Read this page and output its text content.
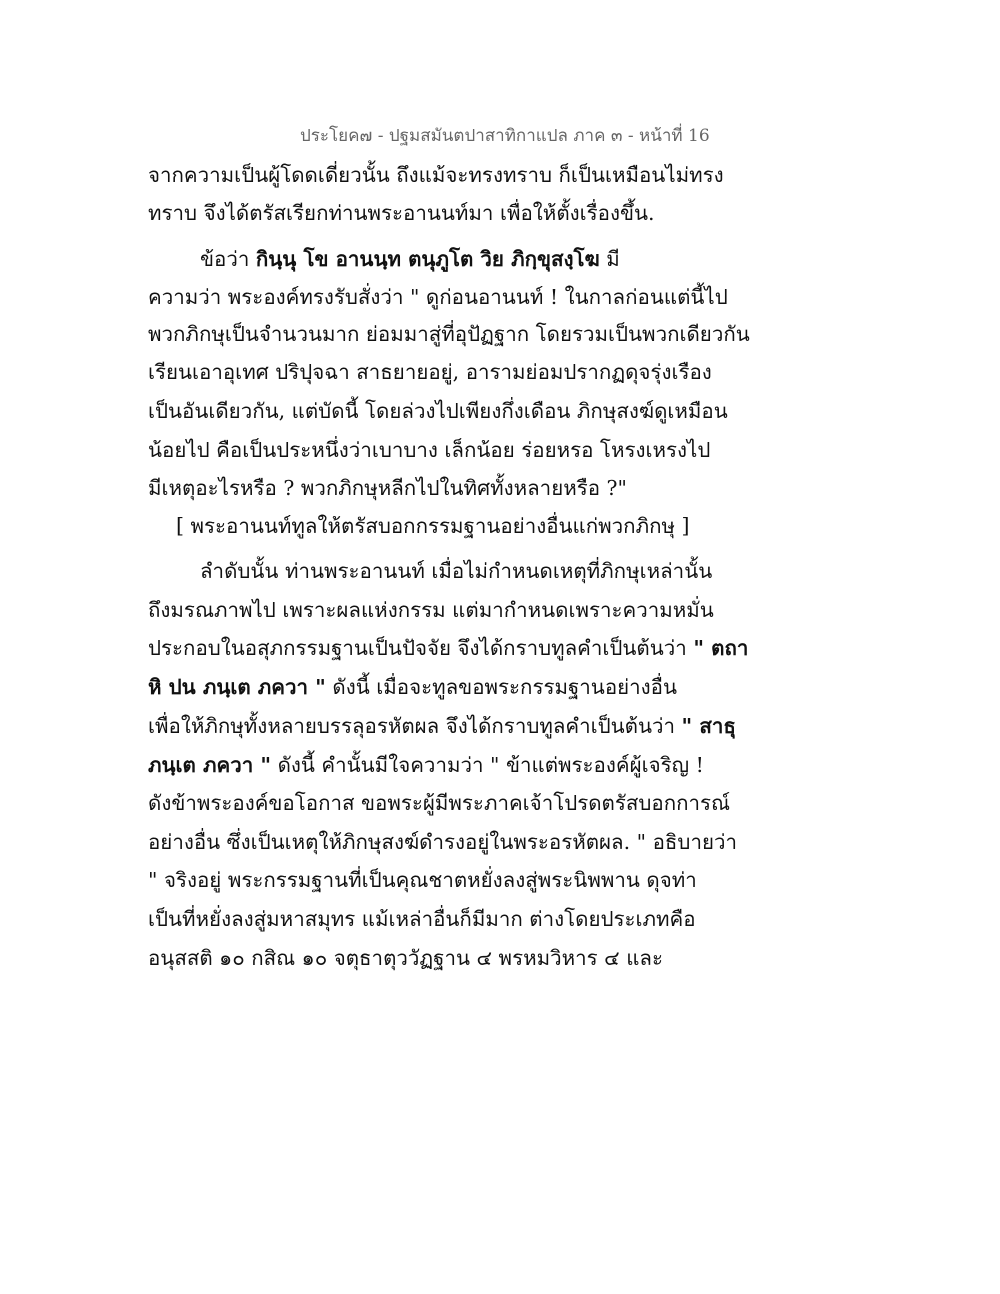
ประโยค๗ - ปฐมสมันตปาสาทิกาแปล ภาค ๓ - หน้าที่ 16
จากความเป็นผู้โดดเดี่ยวนั้น ถึงแม้จะทรงทราบ ก็เป็นเหมือนไม่ทรง
ทราบ จึงได้ตรัสเรียกท่านพระอานนท์มา เพื่อให้ตั้งเรื่องขึ้น.
ข้อว่า กินฺนุ โข อานนฺท ตนุภูโต วิย ภิกฺขุสงฺโฆ มี
ความว่า พระองค์ทรงรับสั่งว่า " ดูก่อนอานนท์ ! ในกาลก่อนแต่นี้ไป
พวกภิกษุเป็นจำนวนมาก ย่อมมาสู่ที่อุปัฏฐาก โดยรวมเป็นพวกเดียวกัน
เรียนเอาอุเทศ ปริปุจฉา สาธยายอยู่, อารามย่อมปรากฏดุจรุ่งเรือง
เป็นอันเดียวกัน, แต่บัดนี้ โดยล่วงไปเพียงกึ่งเดือน ภิกษุสงฆ์ดูเหมือน
น้อยไป คือเป็นประหนึ่งว่าเบาบาง เล็กน้อย ร่อยหรอ โหรงเหรงไป
มีเหตุอะไรหรือ ? พวกภิกษุหลีกไปในทิศทั้งหลายหรือ ?"
[ พระอานนท์ทูลให้ตรัสบอกกรรมฐานอย่างอื่นแก่พวกภิกษุ ]
ลำดับนั้น ท่านพระอานนท์ เมื่อไม่กำหนดเหตุที่ภิกษุเหล่านั้น
ถึงมรณภาพไป เพราะผลแห่งกรรม แต่มากำหนดเพราะความหมั่น
ประกอบในอสุภกรรมฐานเป็นปัจจัย จึงได้กราบทูลคำเป็นต้นว่า " ตถา
หิ ปน ภนฺเต ภควา " ดังนี้ เมื่อจะทูลขอพระกรรมฐานอย่างอื่น
เพื่อให้ภิกษุทั้งหลายบรรลุอรหัตผล จึงได้กราบทูลคำเป็นต้นว่า " สาธุ
ภนฺเต ภควา " ดังนี้ คำนั้นมีใจความว่า " ข้าแต่พระองค์ผู้เจริญ !
ดังข้าพระองค์ขอโอกาส ขอพระผู้มีพระภาคเจ้าโปรดตรัสบอกการณ์
อย่างอื่น ซึ่งเป็นเหตุให้ภิกษุสงฆ์ดำรงอยู่ในพระอรหัตผล. " อธิบายว่า
" จริงอยู่ พระกรรมฐานที่เป็นคุณชาตหยั่งลงสู่พระนิพพาน ดุจท่า
เป็นที่หยั่งลงสู่มหาสมุทร แม้เหล่าอื่นก็มีมาก ต่างโดยประเภทคือ
อนุสสติ ๑๐ กสิณ ๑๐ จตุธาตุววัฏฐาน ๔ พรหมวิหาร ๔ และ
